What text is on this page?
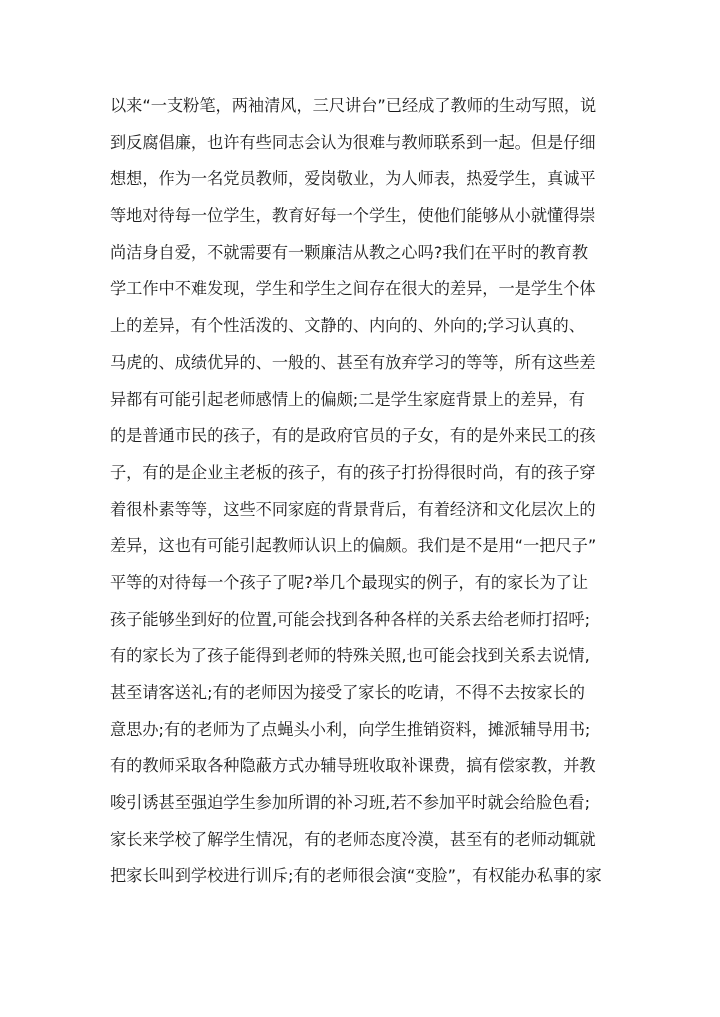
以来“一支粉笔，两袖清风，三尺讲台”已经成了教师的生动写照，说
到反腐倡廉，也许有些同志会认为很难与教师联系到一起。但是仔细
想想，作为一名党员教师，爱岗敬业，为人师表，热爱学生，真诚平
等地对待每一位学生，教育好每一个学生，使他们能够从小就懂得崇
尚洁身自爱，不就需要有一颗廉洁从教之心吗?我们在平时的教育教
学工作中不难发现，学生和学生之间存在很大的差异，一是学生个体
上的差异，有个性活泼的、文静的、内向的、外向的;学习认真的、
马虎的、成绩优异的、一般的、甚至有放弃学习的等等，所有这些差
异都有可能引起老师感情上的偏颇;二是学生家庭背景上的差异，有
的是普通市民的孩子，有的是政府官员的子女，有的是外来民工的孩
子，有的是企业主老板的孩子，有的孩子打扮得很时尚，有的孩子穿
着很朴素等等，这些不同家庭的背景背后，有着经济和文化层次上的
差异，这也有可能引起教师认识上的偏颇。我们是不是用“一把尺子”
平等的对待每一个孩子了呢?举几个最现实的例子，有的家长为了让
孩子能够坐到好的位置,可能会找到各种各样的关系去给老师打招呼;
有的家长为了孩子能得到老师的特殊关照,也可能会找到关系去说情,
甚至请客送礼;有的老师因为接受了家长的吃请，不得不去按家长的
意思办;有的老师为了点蝇头小利，向学生推销资料，摊派辅导用书;
有的教师采取各种隐蔽方式办辅导班收取补课费，搞有偿家教，并教
唆引诱甚至强迫学生参加所谓的补习班,若不参加平时就会给脸色看;
家长来学校了解学生情况，有的老师态度冷漠，甚至有的老师动辄就
把家长叫到学校进行训斥;有的老师很会演“变脸”，有权能办私事的家
